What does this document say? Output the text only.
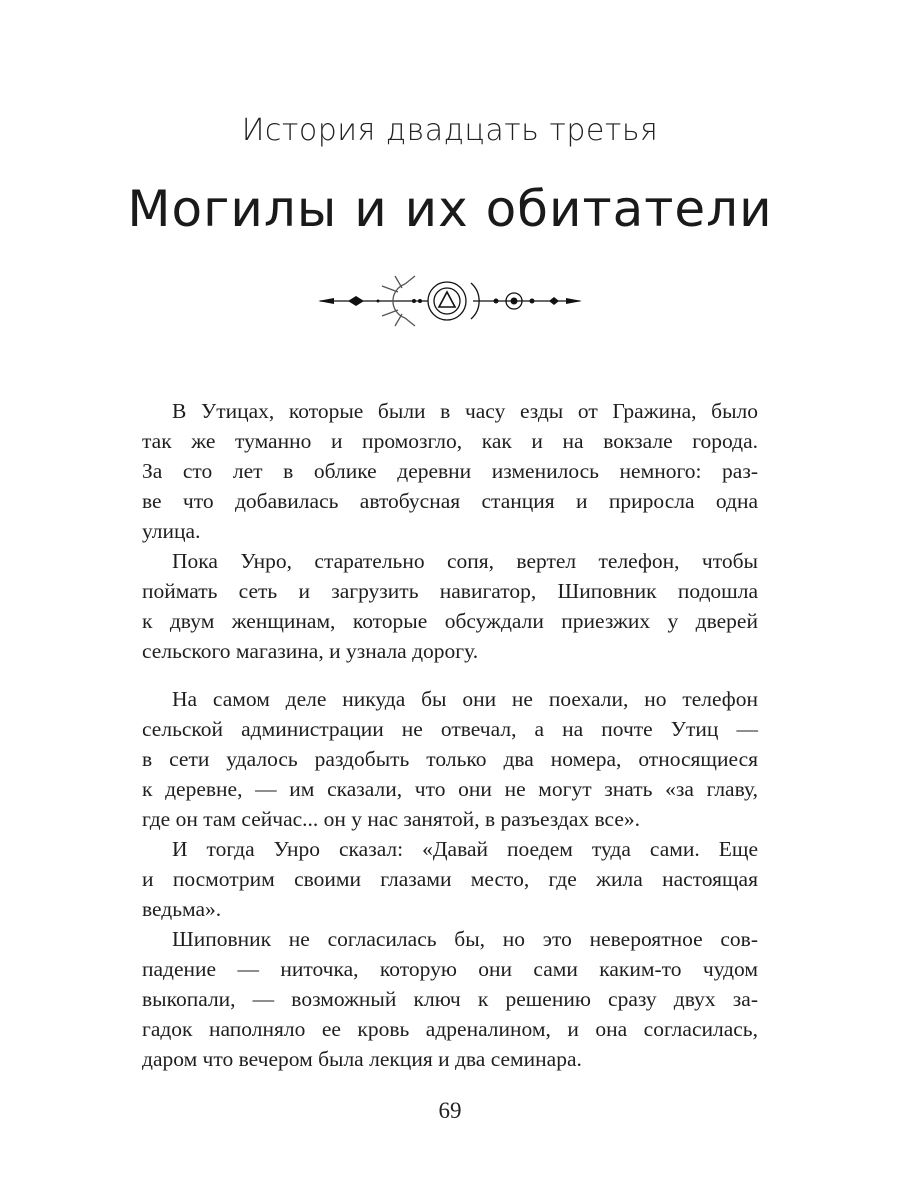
История двадцать третья
Могилы и их обитатели
В Утицах, которые были в часу езды от Гражина, было
так же туманно и промозгло, как и на вокзале города.
За сто лет в облике деревни изменилось немного: раз-
ве что добавилась автобусная станция и приросла одна
улица.
Пока Унро, старательно сопя, вертел телефон, чтобы
поймать сеть и загрузить навигатор, Шиповник подошла
к двум женщинам, которые обсуждали приезжих у дверей
сельского магазина, и узнала дорогу.
На самом деле никуда бы они не поехали, но телефон
сельской администрации не отвечал, а на почте Утиц —
в сети удалось раздобыть только два номера, относящиеся
к деревне, — им сказали, что они не могут знать «за главу,
где он там сейчас... он у нас занятой, в разъездах все».
И тогда Унро сказал: «Давай поедем туда сами. Еще
и посмотрим своими глазами место, где жила настоящая
ведьма».
Шиповник не согласилась бы, но это невероятное сов-
падение — ниточка, которую они сами каким-то чудом
выкопали, — возможный ключ к решению сразу двух за-
гадок наполняло ее кровь адреналином, и она согласилась,
даром что вечером была лекция и два семинара.
69
